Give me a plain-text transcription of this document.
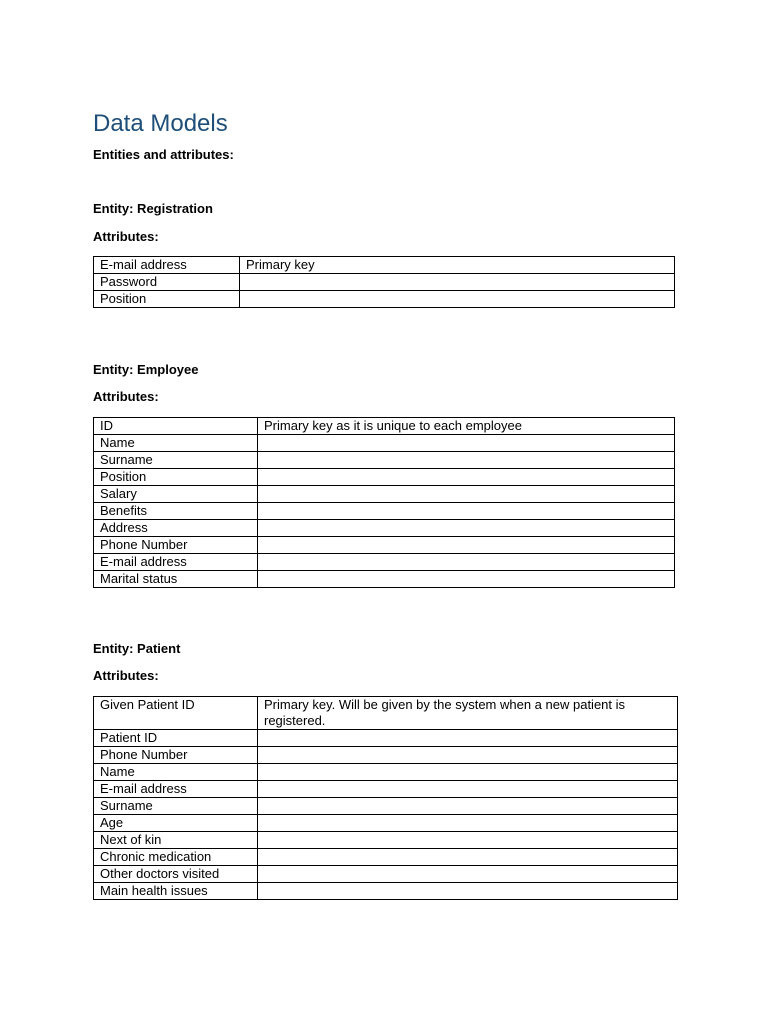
Data Models

Entities and attributes:

Entity: Registration

Attributes:

E-mail address	Primary key
Password	
Position	

Entity: Employee

Attributes:

ID	Primary key as it is unique to each employee
Name	
Surname	
Position	
Salary	
Benefits	
Address	
Phone Number	
E-mail address	
Marital status	

Entity: Patient

Attributes:

Given Patient ID	Primary key. Will be given by the system when a new patient is registered.
Patient ID	
Phone Number	
Name	
E-mail address	
Surname	
Age	
Next of kin	
Chronic medication	
Other doctors visited	
Main health issues	
